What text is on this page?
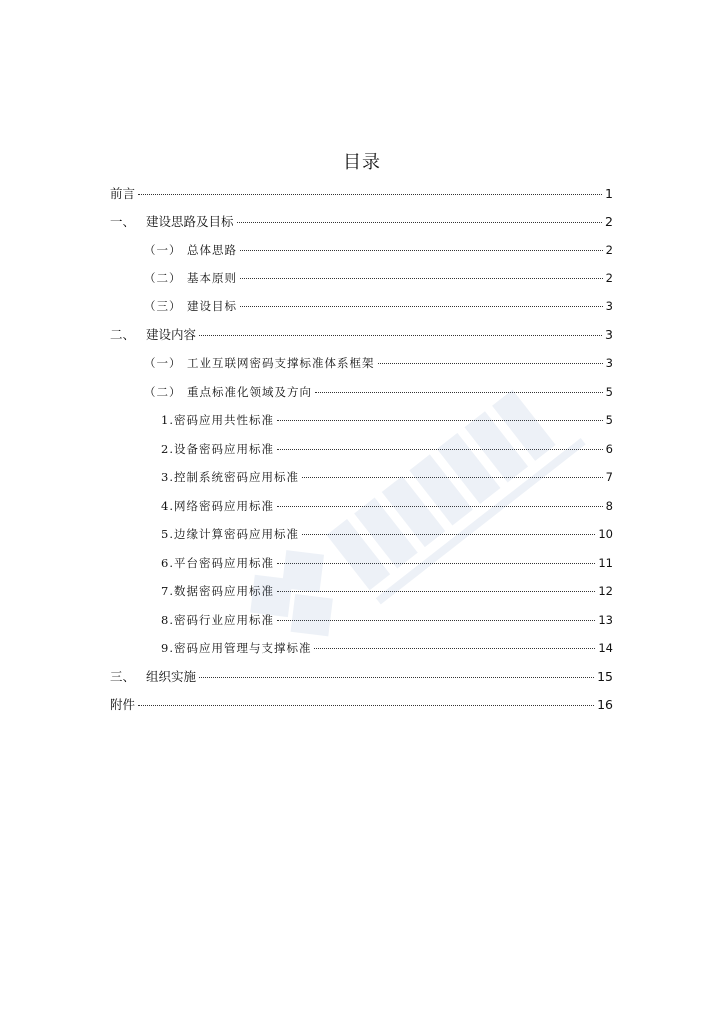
目录
前言	1
一、 建设思路及目标	2
（一） 总体思路	2
（二） 基本原则	2
（三） 建设目标	3
二、 建设内容	3
（一） 工业互联网密码支撑标准体系框架	3
（二） 重点标准化领域及方向	5
1.密码应用共性标准	5
2.设备密码应用标准	6
3.控制系统密码应用标准	7
4.网络密码应用标准	8
5.边缘计算密码应用标准	10
6.平台密码应用标准	11
7.数据密码应用标准	12
8.密码行业应用标准	13
9.密码应用管理与支撑标准	14
三、 组织实施	15
附件	16
